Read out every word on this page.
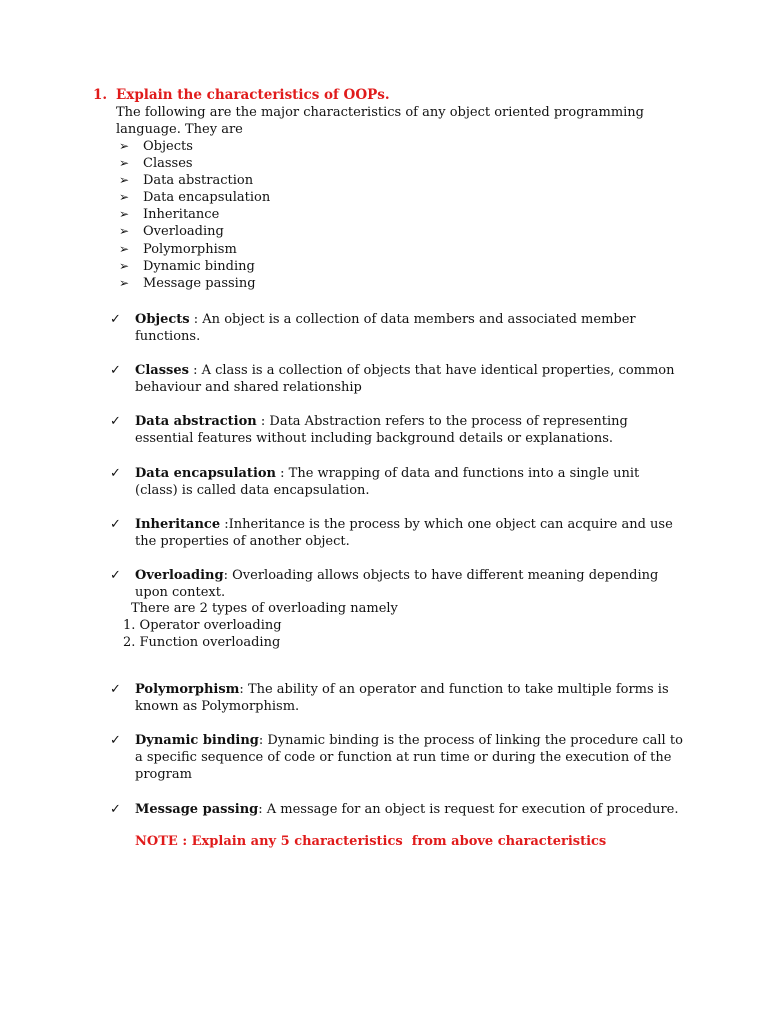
1. Explain the characteristics of OOPs.
The following are the major characteristics of any object oriented programming
language. They are
➢ Objects
➢ Classes
➢ Data abstraction
➢ Data encapsulation
➢ Inheritance
➢ Overloading
➢ Polymorphism
➢ Dynamic binding
➢ Message passing
✓ Objects : An object is a collection of data members and associated member
functions.
✓ Classes : A class is a collection of objects that have identical properties, common
behaviour and shared relationship
✓ Data abstraction : Data Abstraction refers to the process of representing
essential features without including background details or explanations.
✓ Data encapsulation : The wrapping of data and functions into a single unit
(class) is called data encapsulation.
✓ Inheritance :Inheritance is the process by which one object can acquire and use
the properties of another object.
✓ Overloading: Overloading allows objects to have different meaning depending
upon context.
There are 2 types of overloading namely
1. Operator overloading
2. Function overloading
✓ Polymorphism: The ability of an operator and function to take multiple forms is
known as Polymorphism.
✓ Dynamic binding: Dynamic binding is the process of linking the procedure call to
a specific sequence of code or function at run time or during the execution of the
program
✓ Message passing: A message for an object is request for execution of procedure.
NOTE : Explain any 5 characteristics  from above characteristics
